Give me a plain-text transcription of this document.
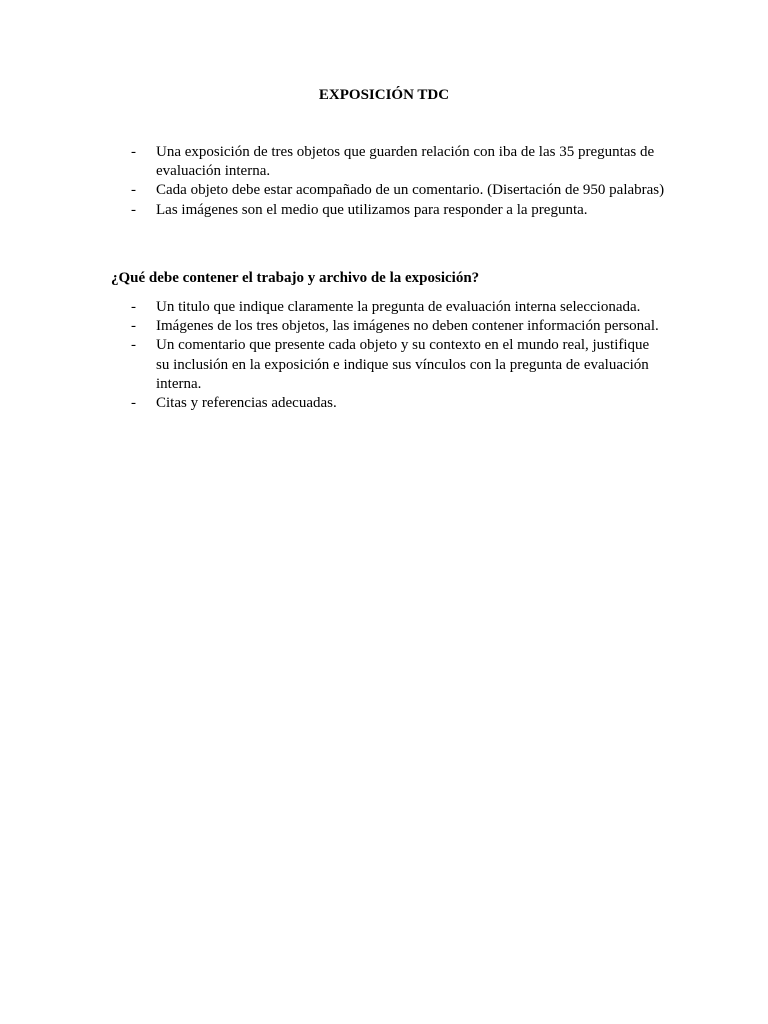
EXPOSICIÓN TDC
- Una exposición de tres objetos que guarden relación con iba de las 35 preguntas de evaluación interna.
- Cada objeto debe estar acompañado de un comentario. (Disertación de 950 palabras)
- Las imágenes son el medio que utilizamos para responder a la pregunta.
¿Qué debe contener el trabajo y archivo de la exposición?
- Un titulo que indique claramente la pregunta de evaluación interna seleccionada.
- Imágenes de los tres objetos, las imágenes no deben contener información personal.
- Un comentario que presente cada objeto y su contexto en el mundo real, justifique su inclusión en la exposición e indique sus vínculos con la pregunta de evaluación interna.
- Citas y referencias adecuadas.
